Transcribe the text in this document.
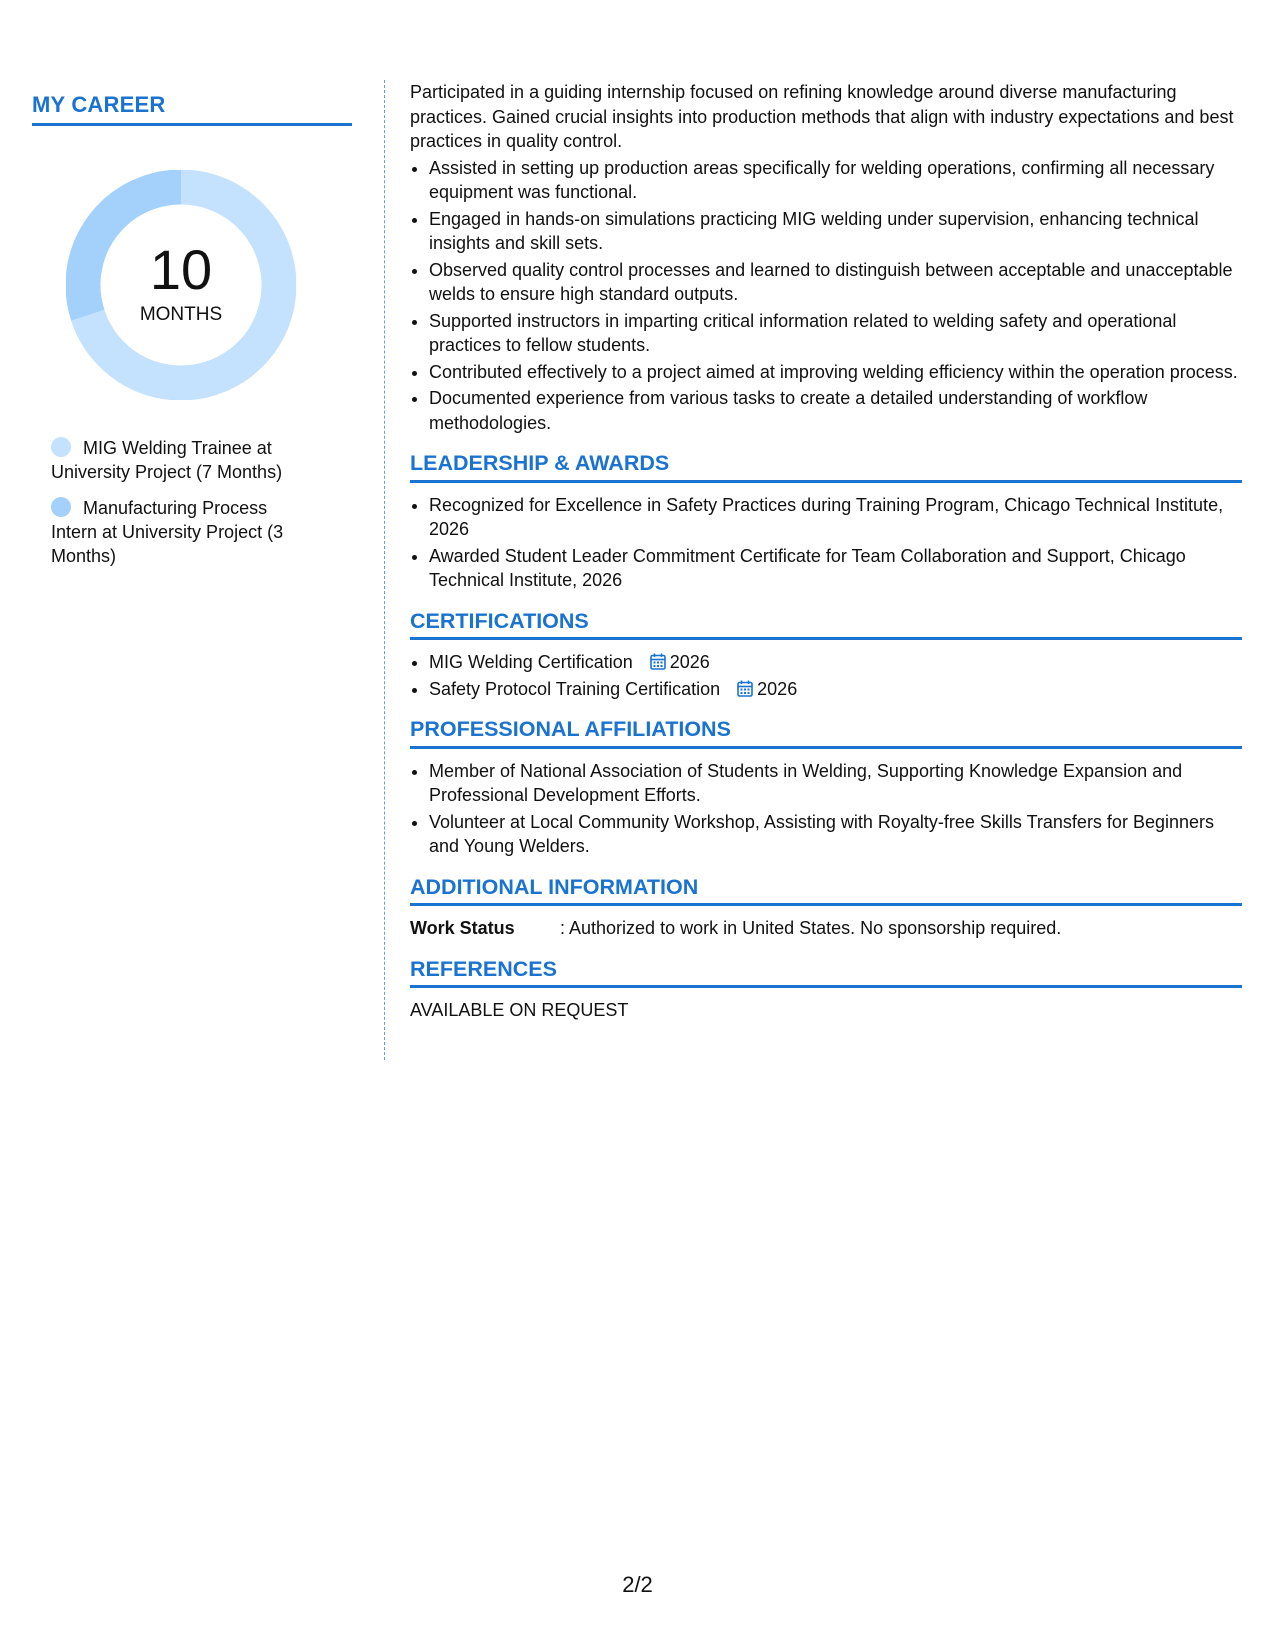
MY CAREER
10
MONTHS
MIG Welding Trainee at University Project (7 Months)
Manufacturing Process Intern at University Project (3 Months)

Participated in a guiding internship focused on refining knowledge around diverse manufacturing practices. Gained crucial insights into production methods that align with industry expectations and best practices in quality control.

• Assisted in setting up production areas specifically for welding operations, confirming all necessary equipment was functional.
• Engaged in hands-on simulations practicing MIG welding under supervision, enhancing technical insights and skill sets.
• Observed quality control processes and learned to distinguish between acceptable and unacceptable welds to ensure high standard outputs.
• Supported instructors in imparting critical information related to welding safety and operational practices to fellow students.
• Contributed effectively to a project aimed at improving welding efficiency within the operation process.
• Documented experience from various tasks to create a detailed understanding of workflow methodologies.
LEADERSHIP & AWARDS
• Recognized for Excellence in Safety Practices during Training Program, Chicago Technical Institute, 2026
• Awarded Student Leader Commitment Certificate for Team Collaboration and Support, Chicago Technical Institute, 2026
CERTIFICATIONS
• MIG Welding Certification 2026
• Safety Protocol Training Certification 2026
PROFESSIONAL AFFILIATIONS
• Member of National Association of Students in Welding, Supporting Knowledge Expansion and Professional Development Efforts.
• Volunteer at Local Community Workshop, Assisting with Royalty-free Skills Transfers for Beginners and Young Welders.
ADDITIONAL INFORMATION
Work Status	: Authorized to work in United States. No sponsorship required.
REFERENCES

AVAILABLE ON REQUEST

2/2
